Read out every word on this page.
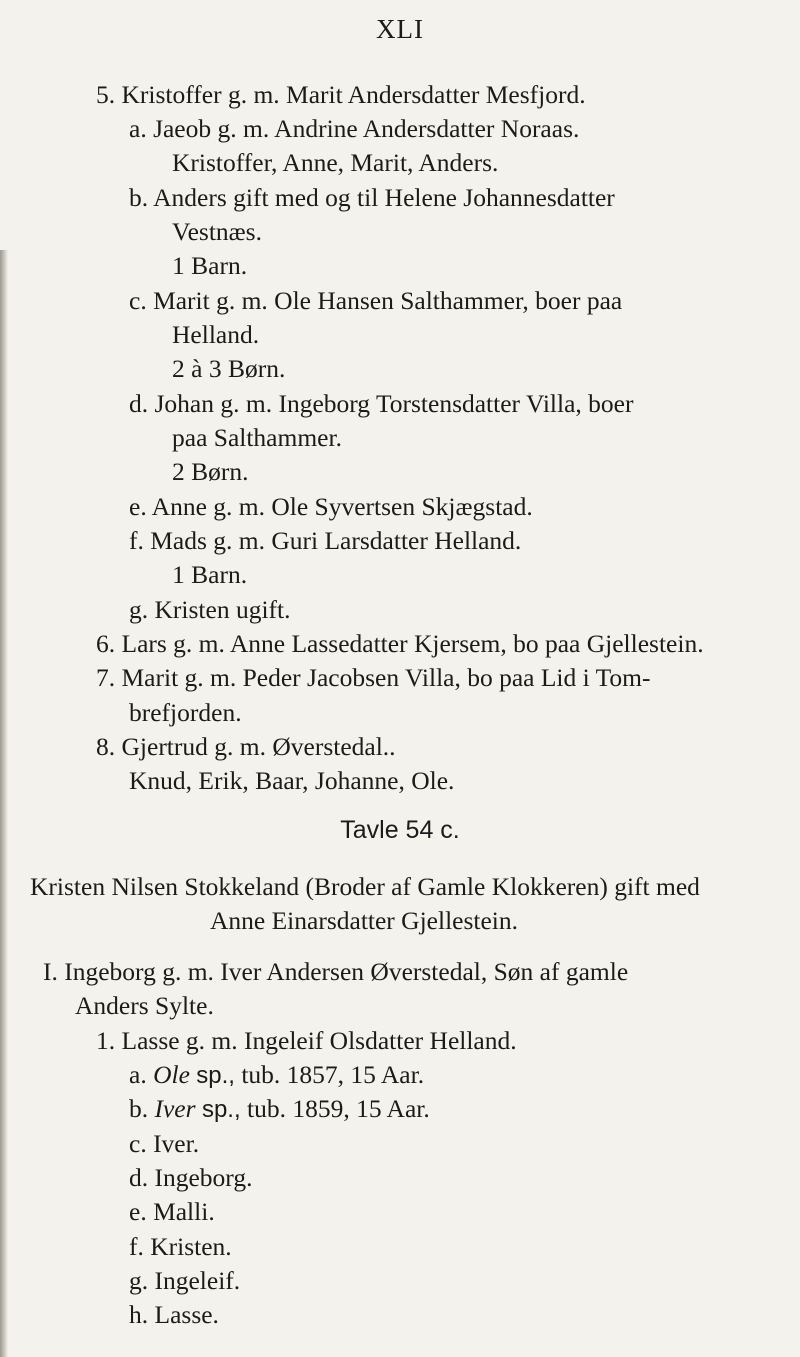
XLI
5. Kristoffer g. m. Marit Andersdatter Mesfjord.
a. Jaeob g. m. Andrine Andersdatter Noraas.
Kristoffer, Anne, Marit, Anders.
b. Anders gift med og til Helene Johannesdatter
Vestnæs.
1 Barn.
c. Marit g. m. Ole Hansen Salthammer, boer paa
Helland.
2 à 3 Børn.
d. Johan g. m. Ingeborg Torstensdatter Villa, boer
paa Salthammer.
2 Børn.
e. Anne g. m. Ole Syvertsen Skjægstad.
f. Mads g. m. Guri Larsdatter Helland.
1 Barn.
g. Kristen ugift.
6. Lars g. m. Anne Lassedatter Kjersem, bo paa Gjellestein.
7. Marit g. m. Peder Jacobsen Villa, bo paa Lid i Tom-
brefjorden.
8. Gjertrud g. m. Øverstedal..
Knud, Erik, Baar, Johanne, Ole.
Tavle 54 c.
Kristen Nilsen Stokkeland (Broder af Gamle Klokkeren) gift med
Anne Einarsdatter Gjellestein.
I. Ingeborg g. m. Iver Andersen Øverstedal, Søn af gamle
Anders Sylte.
1. Lasse g. m. Ingeleif Olsdatter Helland.
a. Ole sp., tub. 1857, 15 Aar.
b. Iver sp., tub. 1859, 15 Aar.
c. Iver.
d. Ingeborg.
e. Malli.
f. Kristen.
g. Ingeleif.
h. Lasse.
